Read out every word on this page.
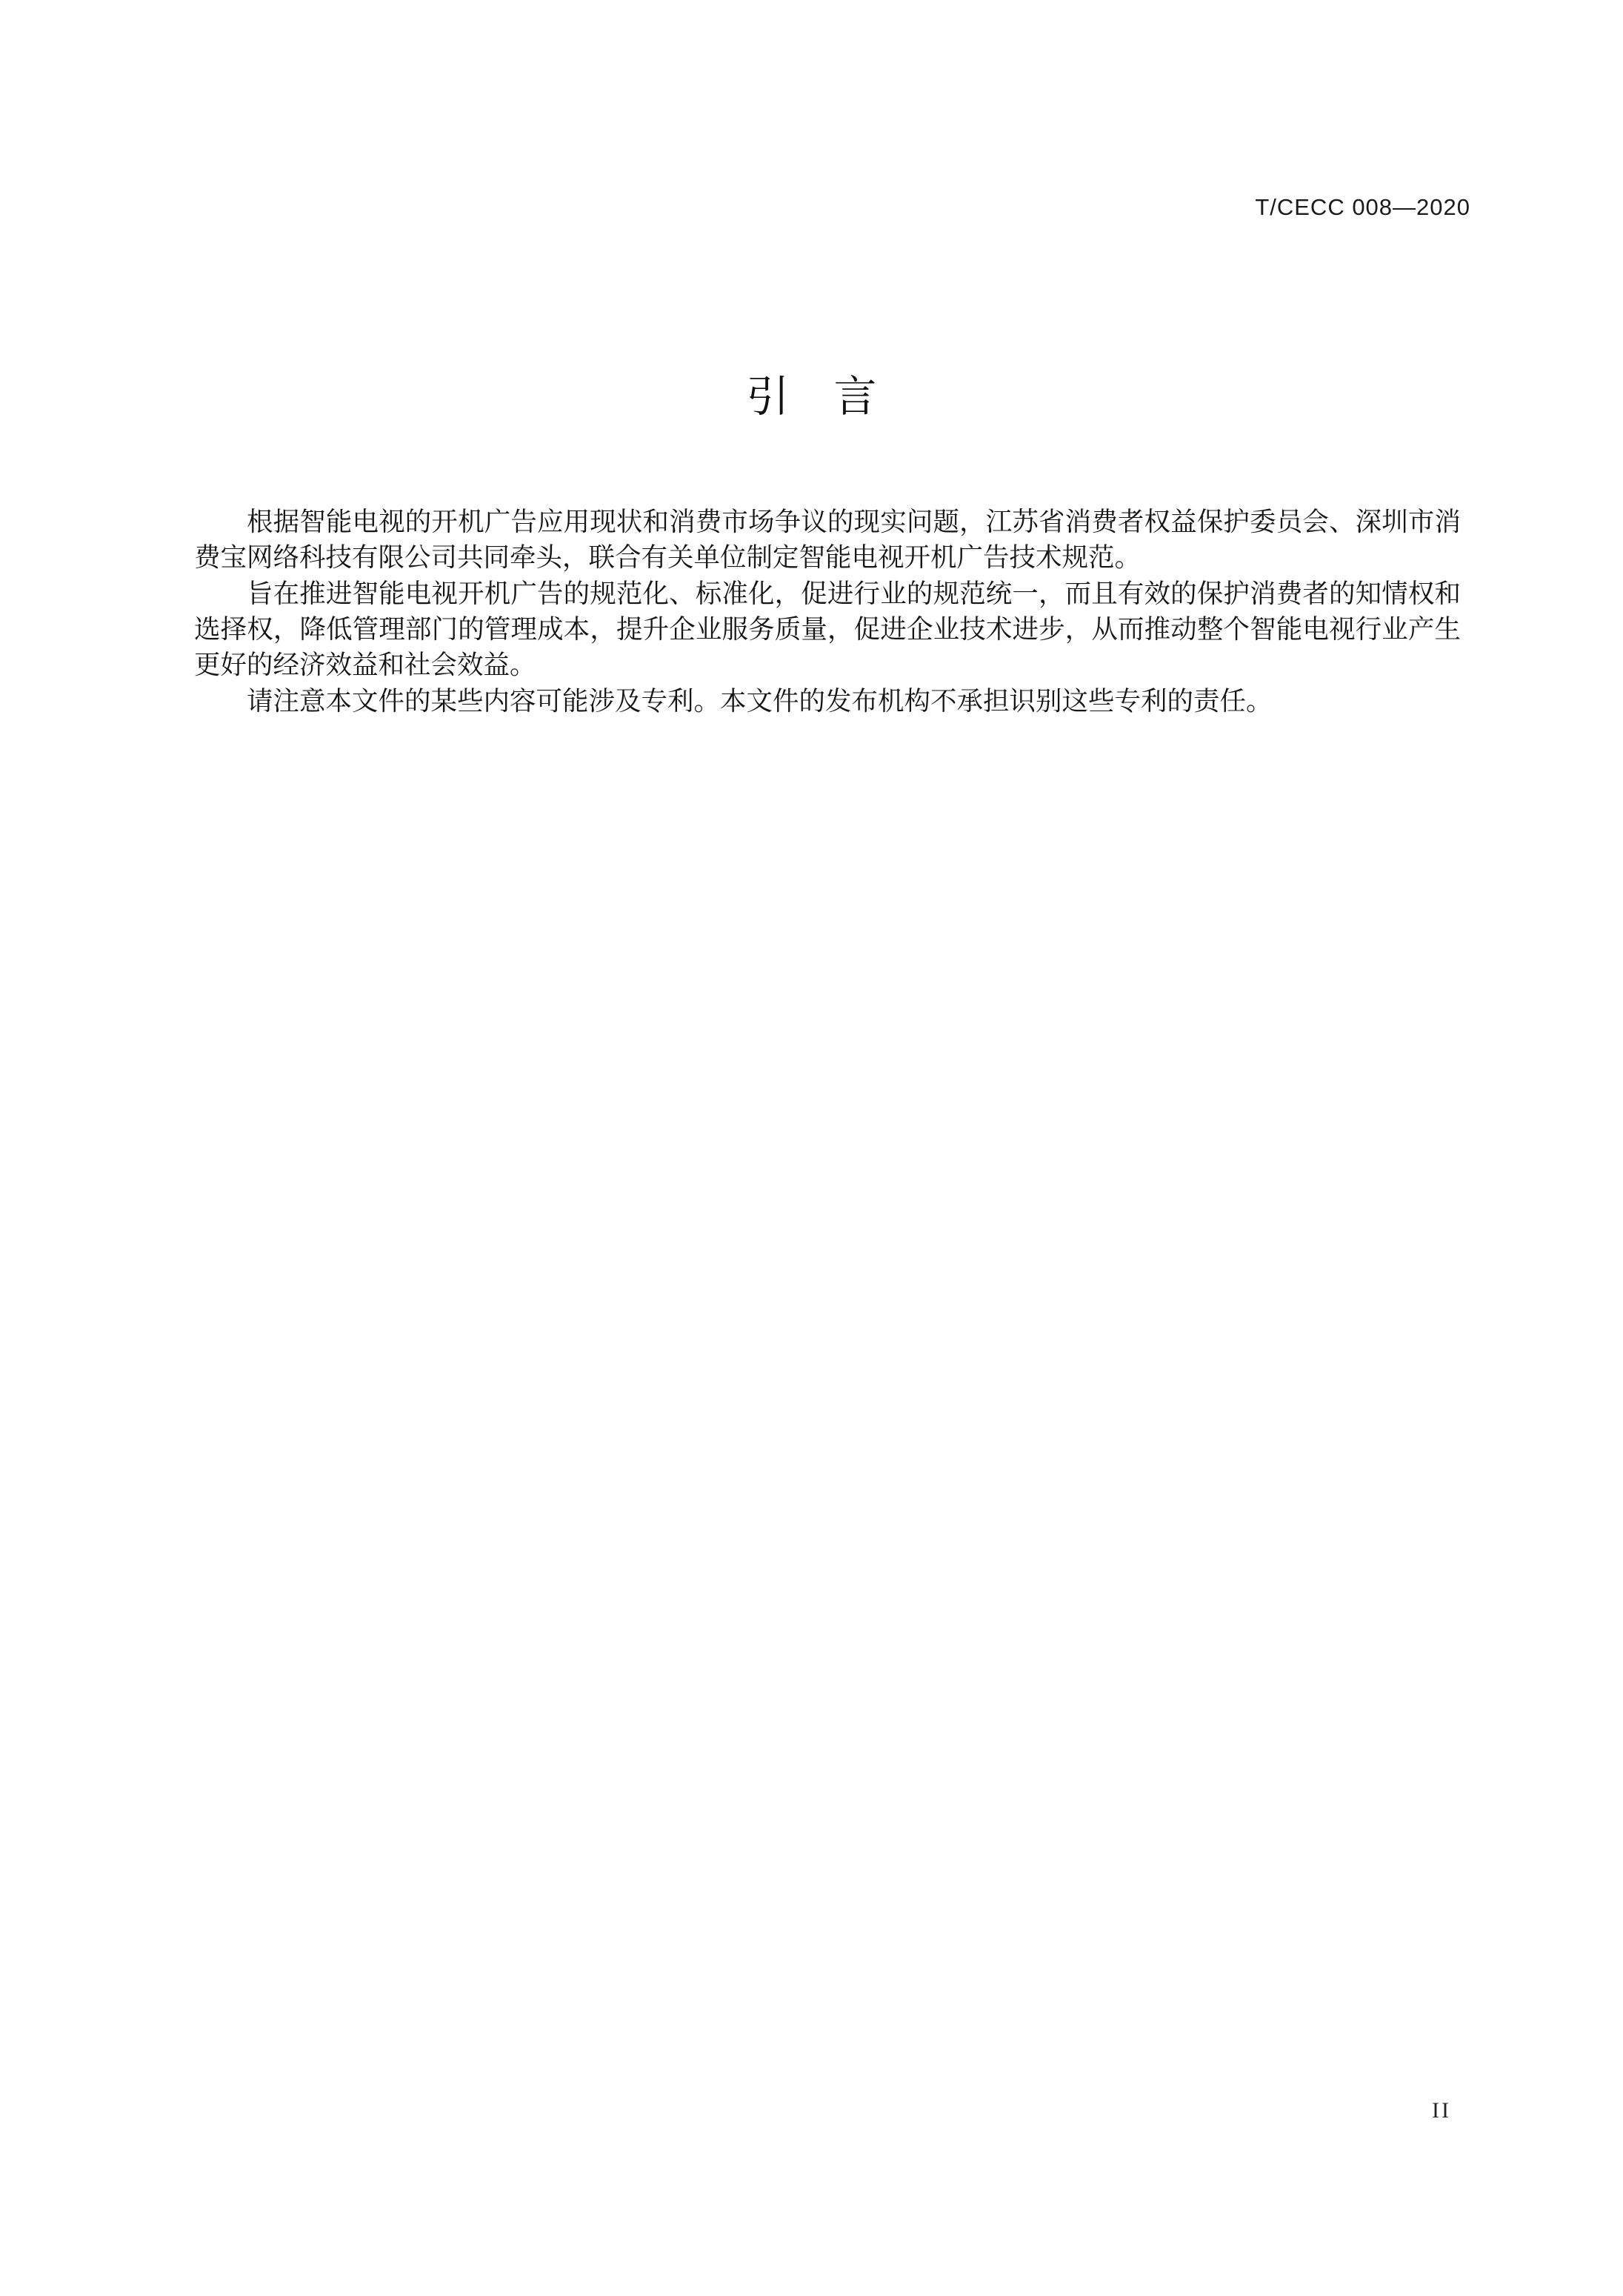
T/CECC 008—2020
引言

根据智能电视的开机广告应用现状和消费市场争议的现实问题，江苏省消费者权益保护委员会、深圳市消费宝网络科技有限公司共同牵头，联合有关单位制定智能电视开机广告技术规范。

旨在推进智能电视开机广告的规范化、标准化，促进行业的规范统一，而且有效的保护消费者的知情权和选择权，降低管理部门的管理成本，提升企业服务质量，促进企业技术进步，从而推动整个智能电视行业产生更好的经济效益和社会效益。

请注意本文件的某些内容可能涉及专利。本文件的发布机构不承担识别这些专利的责任。

II
